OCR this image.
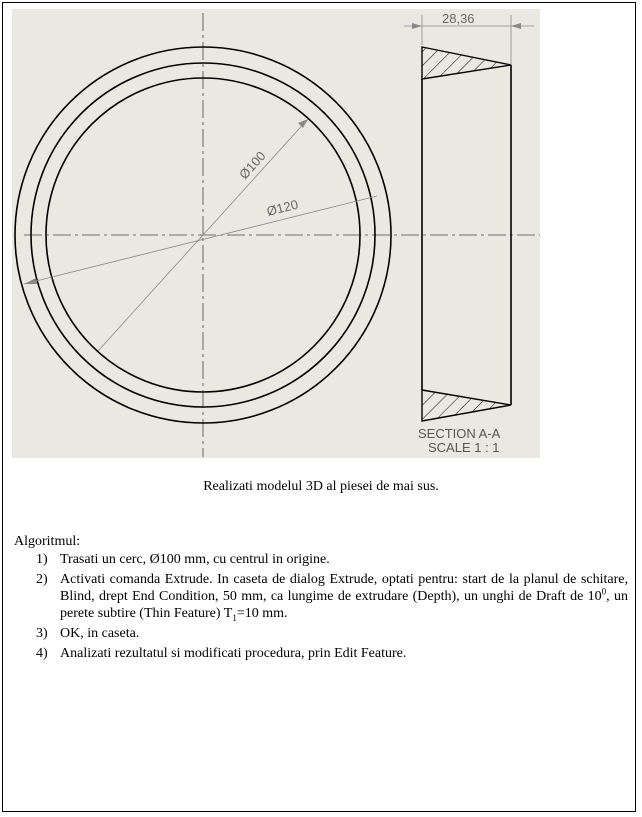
Ø100
Ø120
28,36
SECTION A-A
SCALE 1 : 1
Realizati modelul 3D al piesei de mai sus.
Algoritmul:
1) Trasati un cerc, Ø100 mm, cu centrul in origine.
2) Activati comanda Extrude. In caseta de dialog Extrude, optati pentru: start de la planul de schitare, Blind, drept End Condition, 50 mm, ca lungime de extrudare (Depth), un unghi de Draft de $10^0$, un perete subtire (Thin Feature) $T_1=10$ mm.
3) OK, in caseta.
4) Analizati rezultatul si modificati procedura, prin Edit Feature.
